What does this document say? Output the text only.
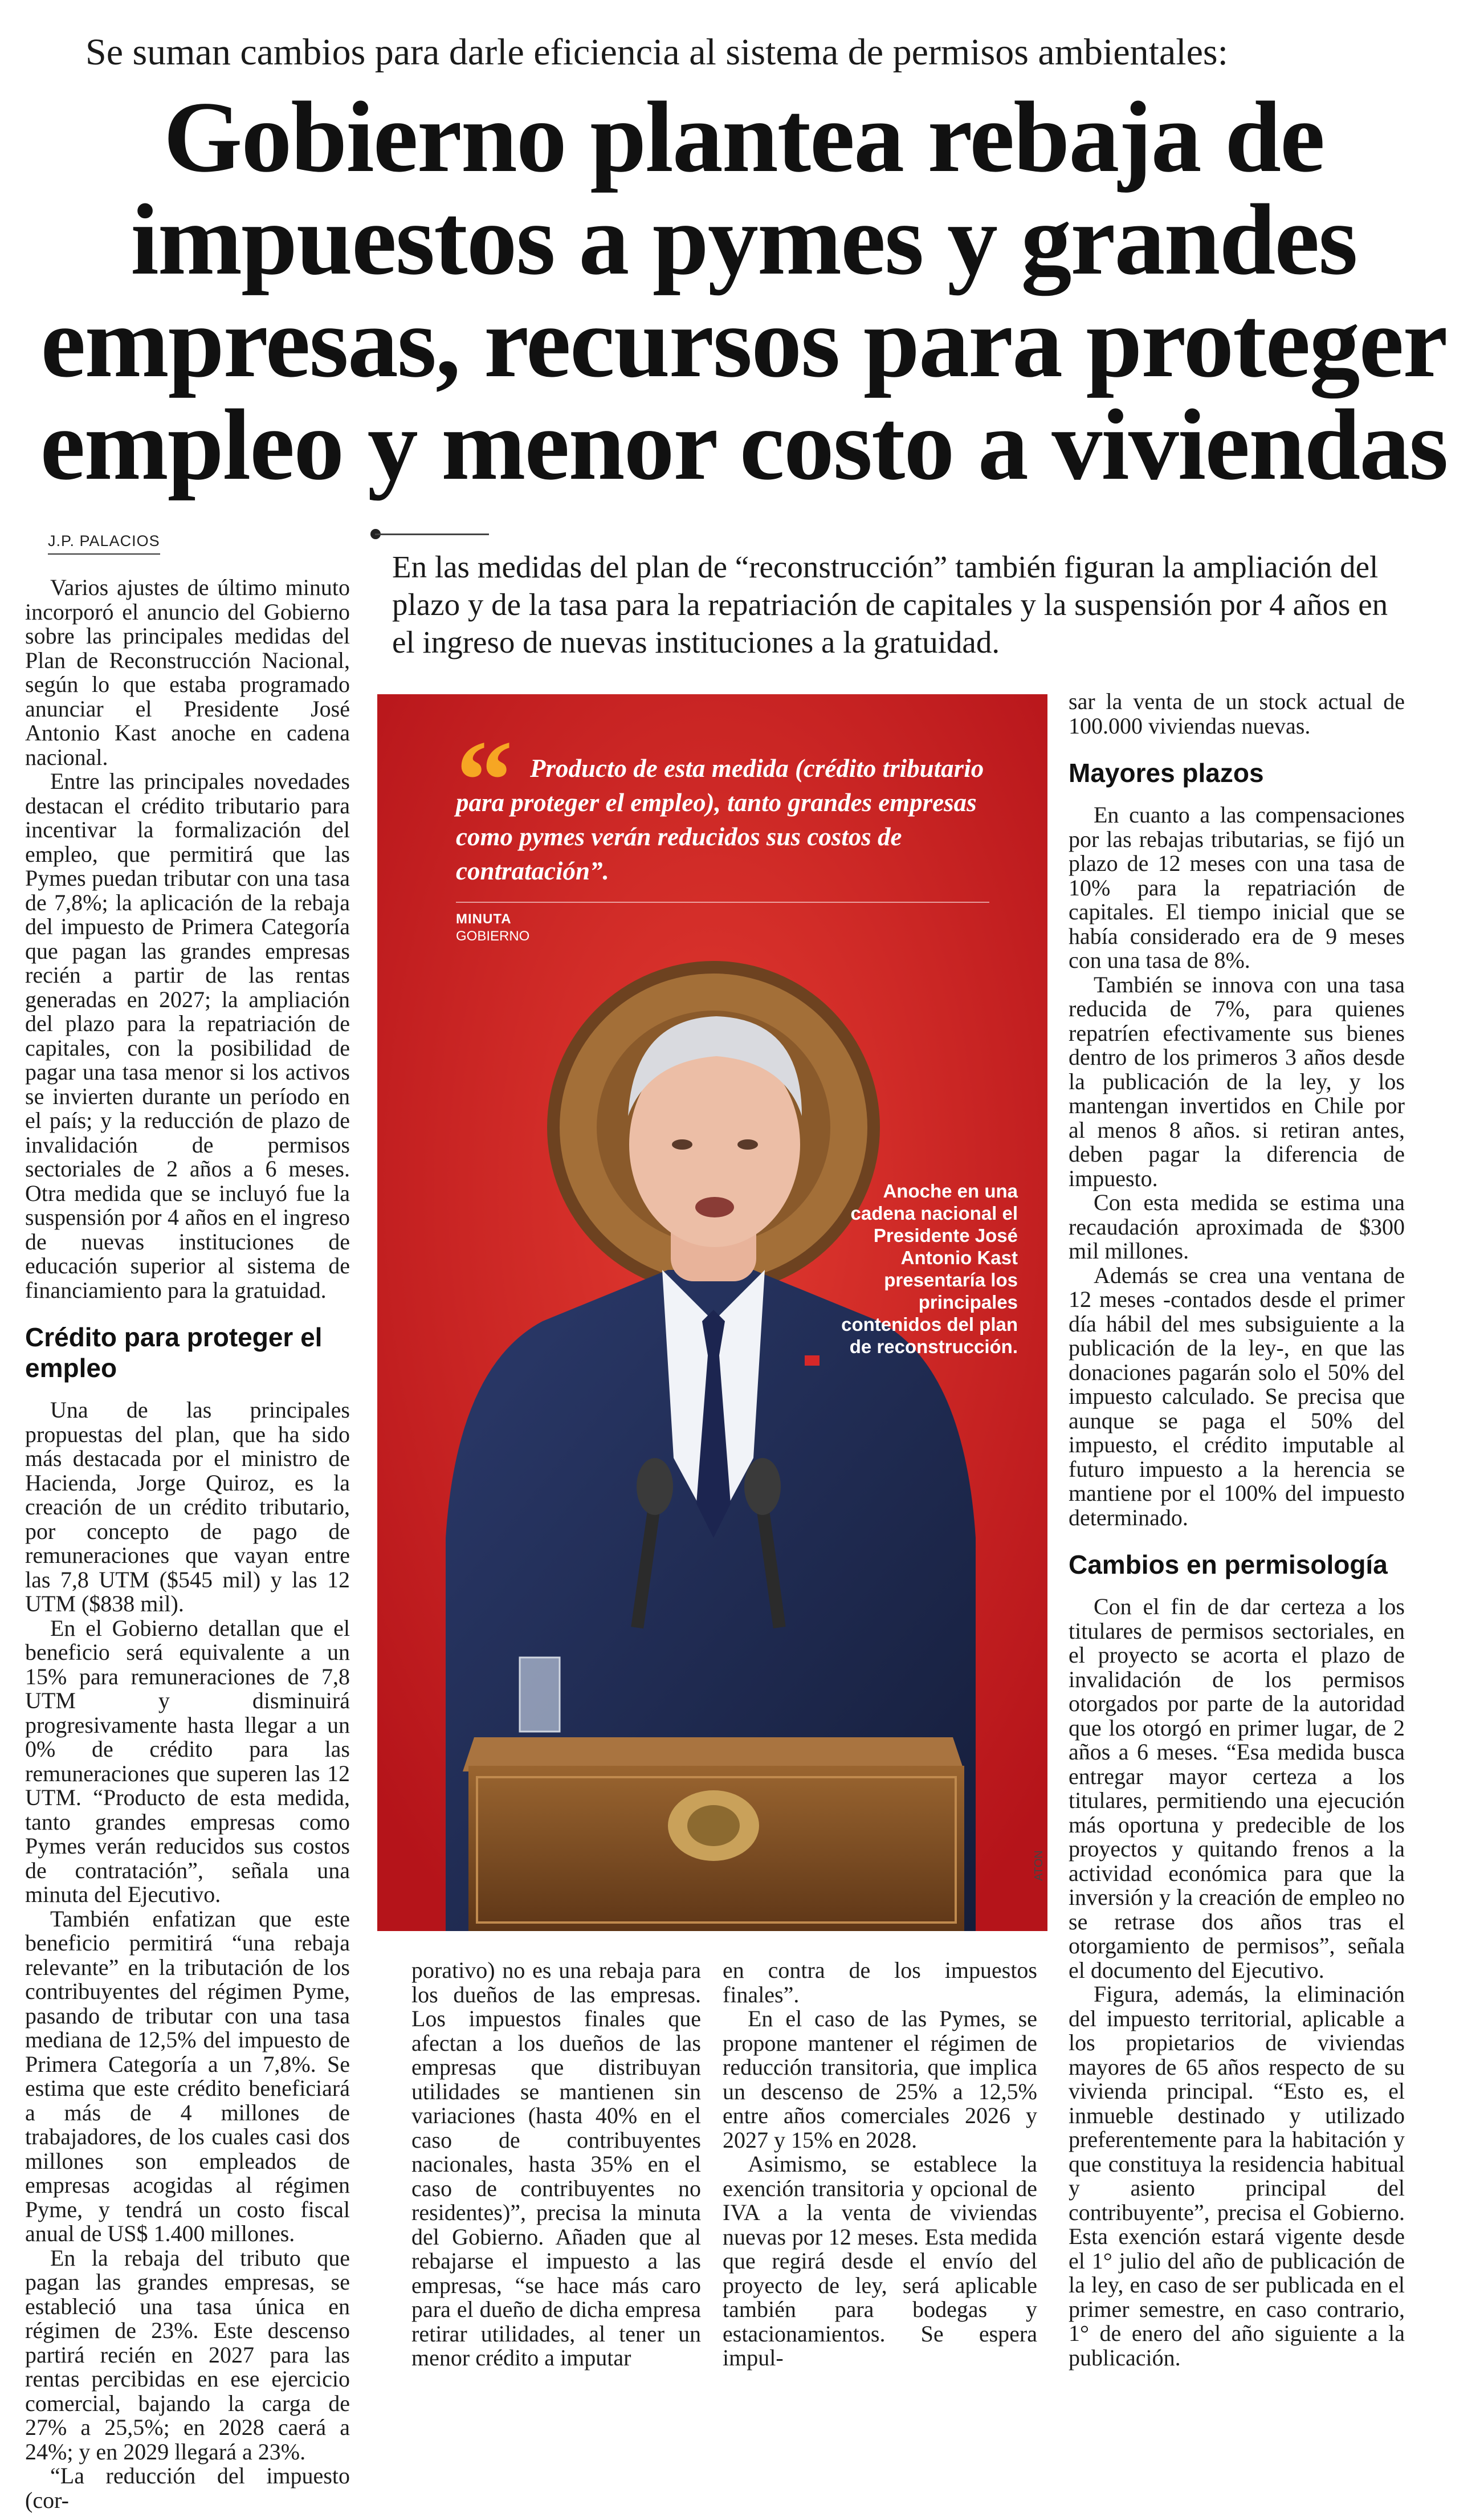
Se suman cambios para darle eficiencia al sistema de permisos ambientales:
Gobierno plantea rebaja de impuestos a pymes y grandes empresas, recursos para proteger empleo y menor costo a viviendas
J.P. PALACIOS
En las medidas del plan de “reconstrucción” también figuran la ampliación del plazo y de la tasa para la repatriación de capitales y la suspensión por 4 años en el ingreso de nuevas instituciones a la gratuidad.

Varios ajustes de último minuto incorporó el anuncio del Gobierno sobre las principales medidas del Plan de Reconstrucción Nacional, según lo que estaba programado anunciar el Presidente José Antonio Kast anoche en cadena nacional.

Entre las principales novedades destacan el crédito tributario para incentivar la formalización del empleo, que permitirá que las Pymes puedan tributar con una tasa de 7,8%; la aplicación de la rebaja del impuesto de Primera Categoría que pagan las grandes empresas recién a partir de las rentas generadas en 2027; la ampliación del plazo para la repatriación de capitales, con la posibilidad de pagar una tasa menor si los activos se invierten durante un período en el país; y la reducción de plazo de invalidación de permisos sectoriales de 2 años a 6 meses. Otra medida que se incluyó fue la suspensión por 4 años en el ingreso de nuevas instituciones de educación superior al sistema de financiamiento para la gratuidad.

Crédito para proteger el empleo

Una de las principales propuestas del plan, que ha sido más destacada por el ministro de Hacienda, Jorge Quiroz, es la creación de un crédito tributario, por concepto de pago de remuneraciones que vayan entre las 7,8 UTM ($545 mil) y las 12 UTM ($838 mil).

En el Gobierno detallan que el beneficio será equivalente a un 15% para remuneraciones de 7,8 UTM y disminuirá progresivamente hasta llegar a un 0% de crédito para las remuneraciones que superen las 12 UTM. “Producto de esta medida, tanto grandes empresas como Pymes verán reducidos sus costos de contratación”, señala una minuta del Ejecutivo.

También enfatizan que este beneficio permitirá “una rebaja relevante” en la tributación de los contribuyentes del régimen Pyme, pasando de tributar con una tasa mediana de 12,5% del impuesto de Primera Categoría a un 7,8%. Se estima que este crédito beneficiará a más de 4 millones de trabajadores, de los cuales casi dos millones son empleados de empresas acogidas al régimen Pyme, y tendrá un costo fiscal anual de US$ 1.400 millones.

En la rebaja del tributo que pagan las grandes empresas, se estableció una tasa única en régimen de 23%. Este descenso partirá recién en 2027 para las rentas percibidas en ese ejercicio comercial, bajando la carga de 27% a 25,5%; en 2028 caerá a 24%; y en 2029 llegará a 23%.

“La reducción del impuesto (cor-

“ Producto de esta medida (crédito tributario para proteger el empleo), tanto grandes empresas como pymes verán reducidos sus costos de contratación”.
MINUTA
GOBIERNO
Anoche en una cadena nacional el Presidente José Antonio Kast presentaría los principales contenidos del plan de reconstrucción.
ATON

porativo) no es una rebaja para los dueños de las empresas. Los impuestos finales que afectan a los dueños de las empresas que distribuyan utilidades se mantienen sin variaciones (hasta 40% en el caso de contribuyentes nacionales, hasta 35% en el caso de contribuyentes no residentes)”, precisa la minuta del Gobierno. Añaden que al rebajarse el impuesto a las empresas, “se hace más caro para el dueño de dicha empresa retirar utilidades, al tener un menor crédito a imputar

en contra de los impuestos finales”.

En el caso de las Pymes, se propone mantener el régimen de reducción transitoria, que implica un descenso de 25% a 12,5% entre años comerciales 2026 y 2027 y 15% en 2028.

Asimismo, se establece la exención transitoria y opcional de IVA a la venta de viviendas nuevas por 12 meses. Esta medida que regirá desde el envío del proyecto de ley, será aplicable también para bodegas y estacionamientos. Se espera impul-

sar la venta de un stock actual de 100.000 viviendas nuevas.

Mayores plazos

En cuanto a las compensaciones por las rebajas tributarias, se fijó un plazo de 12 meses con una tasa de 10% para la repatriación de capitales. El tiempo inicial que se había considerado era de 9 meses con una tasa de 8%.

También se innova con una tasa reducida de 7%, para quienes repatríen efectivamente sus bienes dentro de los primeros 3 años desde la publicación de la ley, y los mantengan invertidos en Chile por al menos 8 años. si retiran antes, deben pagar la diferencia de impuesto.

Con esta medida se estima una recaudación aproximada de $300 mil millones.

Además se crea una ventana de 12 meses -contados desde el primer día hábil del mes subsiguiente a la publicación de la ley-, en que las donaciones pagarán solo el 50% del impuesto calculado. Se precisa que aunque se paga el 50% del impuesto, el crédito imputable al futuro impuesto a la herencia se mantiene por el 100% del impuesto determinado.

Cambios en permisología

Con el fin de dar certeza a los titulares de permisos sectoriales, en el proyecto se acorta el plazo de invalidación de los permisos otorgados por parte de la autoridad que los otorgó en primer lugar, de 2 años a 6 meses. “Esa medida busca entregar mayor certeza a los titulares, permitiendo una ejecución más oportuna y predecible de los proyectos y quitando frenos a la actividad económica para que la inversión y la creación de empleo no se retrase dos años tras el otorgamiento de permisos”, señala el documento del Ejecutivo.

Figura, además, la eliminación del impuesto territorial, aplicable a los propietarios de viviendas mayores de 65 años respecto de su vivienda principal. “Esto es, el inmueble destinado y utilizado preferentemente para la habitación y que constituya la residencia habitual y asiento principal del contribuyente”, precisa el Gobierno. Esta exención estará vigente desde el 1° julio del año de publicación de la ley, en caso de ser publicada en el primer semestre, en caso contrario, 1° de enero del año siguiente a la publicación.
